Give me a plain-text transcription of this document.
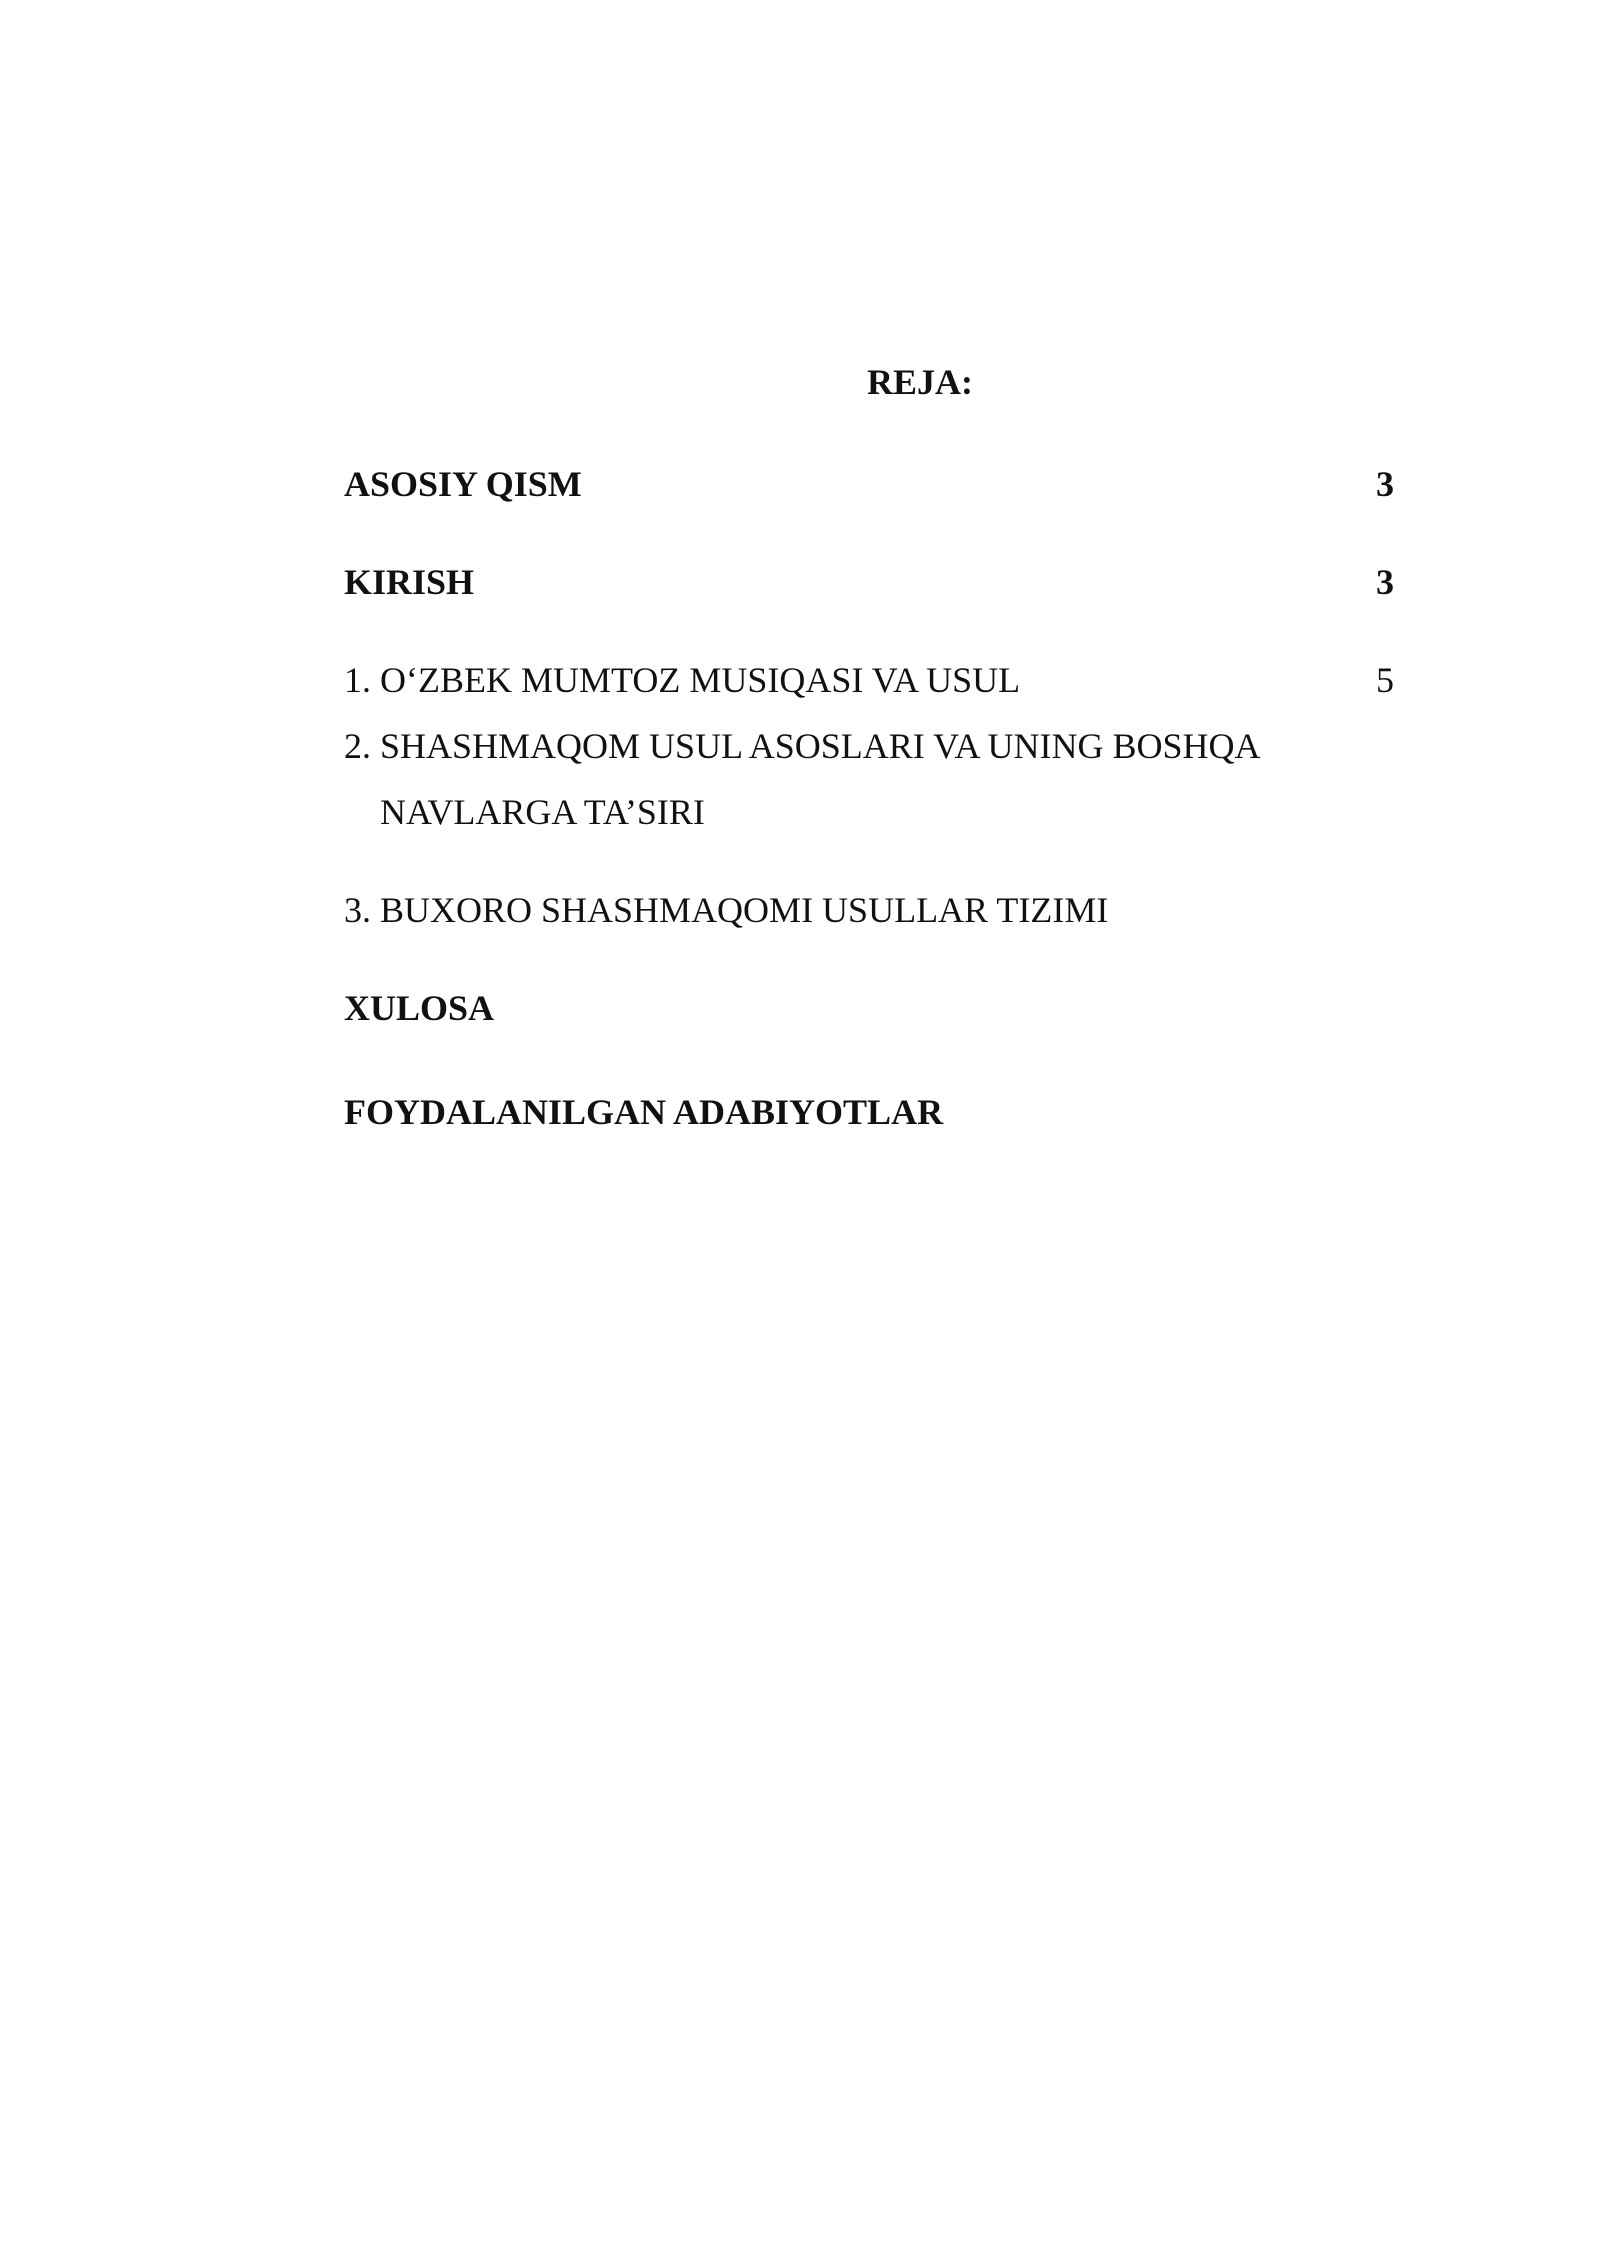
REJA:
ASOSIY QISM	3
KIRISH	3
1. O‘ZBEK MUMTOZ MUSIQASI VA USUL	5
2. SHASHMAQOM USUL ASOSLARI VA UNING BOSHQA
NAVLARGA TA’SIRI
3. BUXORO SHASHMAQOMI USULLAR TIZIMI
XULOSA
FOYDALANILGAN ADABIYOTLAR
